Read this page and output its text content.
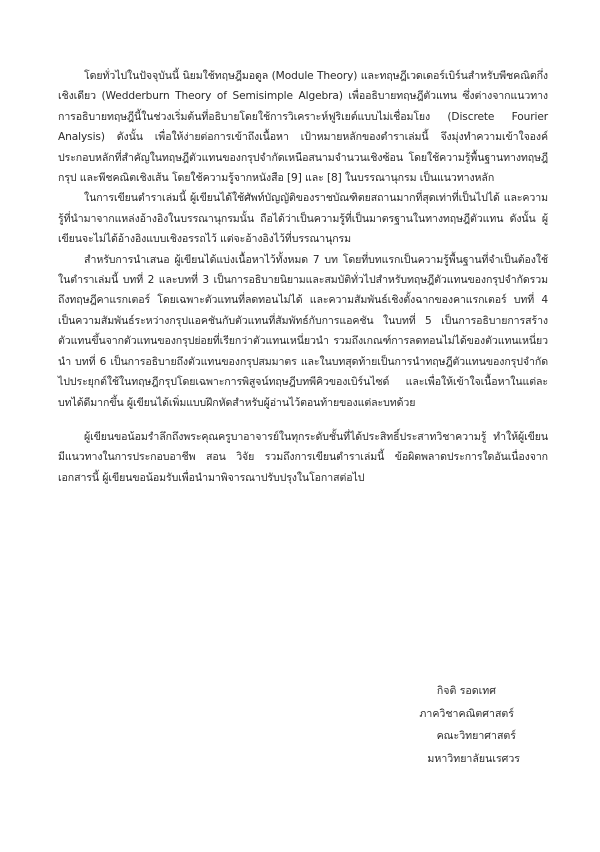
โดยทั่วไปในปัจจุบันนี้ นิยมใช้ทฤษฎีมอดูล (Module Theory) และทฤษฎีเวดเดอร์เบิร์นสำหรับพีชคณิตกึ่งเชิงเดียว (Wedderburn Theory of Semisimple Algebra) เพื่ออธิบายทฤษฎีตัวแทน ซึ่งต่างจากแนวทางการอธิบายทฤษฎีนี้ในช่วงเริ่มต้นที่อธิบายโดยใช้การวิเคราะห์ฟูริเยต์แบบไม่เชื่อมโยง (Discrete Fourier Analysis) ดังนั้น เพื่อให้ง่ายต่อการเข้าถึงเนื้อหา เป้าหมายหลักของตำราเล่มนี้ จึงมุ่งทำความเข้าใจองค์ประกอบหลักที่สำคัญในทฤษฎีตัวแทนของกรุปจำกัดเหนือสนามจำนวนเชิงซ้อน โดยใช้ความรู้พื้นฐานทางทฤษฎีกรุป และพีชคณิตเชิงเส้น โดยใช้ความรู้จากหนังสือ [9] และ [8] ในบรรณานุกรม เป็นแนวทางหลัก

ในการเขียนตำราเล่มนี้ ผู้เขียนได้ใช้ศัพท์บัญญัติของราชบัณฑิตยสถานมากที่สุดเท่าที่เป็นไปได้ และความรู้ที่นำมาจากแหล่งอ้างอิงในบรรณานุกรมนั้น ถือได้ว่าเป็นความรู้ที่เป็นมาตรฐานในทางทฤษฎีตัวแทน ดังนั้น ผู้เขียนจะไม่ได้อ้างอิงแบบเชิงอรรถไว้ แต่จะอ้างอิงไว้ที่บรรณานุกรม

สำหรับการนำเสนอ ผู้เขียนได้แบ่งเนื้อหาไว้ทั้งหมด 7 บท โดยที่บทแรกเป็นความรู้พื้นฐานที่จำเป็นต้องใช้ในตำราเล่มนี้ บทที่ 2 และบทที่ 3 เป็นการอธิบายนิยามและสมบัติทั่วไปสำหรับทฤษฎีตัวแทนของกรุปจำกัดรวมถึงทฤษฎีคาแรกเตอร์ โดยเฉพาะตัวแทนที่ลดทอนไม่ได้ และความสัมพันธ์เชิงตั้งฉากของคาแรกเตอร์ บทที่ 4 เป็นความสัมพันธ์ระหว่างกรุปแอคชันกับตัวแทนที่สัมพัทธ์กับการแอคชัน ในบทที่ 5 เป็นการอธิบายการสร้างตัวแทนขึ้นจากตัวแทนของกรุปย่อยที่เรียกว่าตัวแทนเหนี่ยวนำ รวมถึงเกณฑ์การลดทอนไม่ได้ของตัวแทนเหนี่ยวนำ บทที่ 6 เป็นการอธิบายถึงตัวแทนของกรุปสมมาตร และในบทสุดท้ายเป็นการนำทฤษฎีตัวแทนของกรุปจำกัดไปประยุกต์ใช้ในทฤษฎีกรุปโดยเฉพาะการพิสูจน์ทฤษฎีบทพีคิวของเบิร์นไซด์ และเพื่อให้เข้าใจเนื้อหาในแต่ละบทได้ดีมากขึ้น ผู้เขียนได้เพิ่มแบบฝึกหัดสำหรับผู้อ่านไว้ตอนท้ายของแต่ละบทด้วย

ผู้เขียนขอน้อมรำลึกถึงพระคุณครูบาอาจารย์ในทุกระดับชั้นที่ได้ประสิทธิ์ประสาทวิชาความรู้ ทำให้ผู้เขียนมีแนวทางในการประกอบอาชีพ สอน วิจัย รวมถึงการเขียนตำราเล่มนี้ ข้อผิดพลาดประการใดอันเนื่องจากเอกสารนี้ ผู้เขียนขอน้อมรับเพื่อนำมาพิจารณาปรับปรุงในโอกาสต่อไป

กิจติ รอดเทศ
ภาควิชาคณิตศาสตร์
คณะวิทยาศาสตร์
มหาวิทยาลัยนเรศวร
